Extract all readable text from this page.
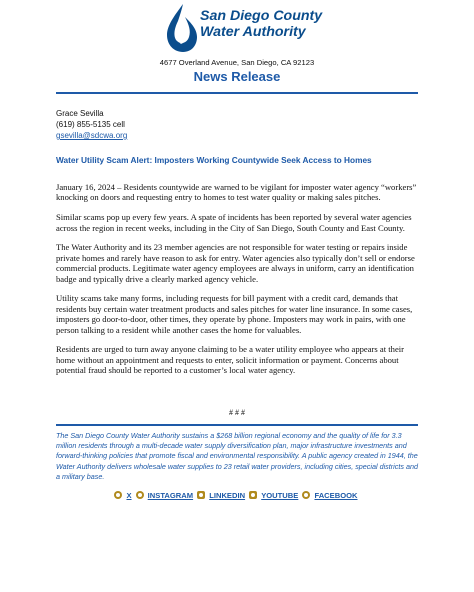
San Diego County
Water Authority
4677 Overland Avenue, San Diego, CA 92123
News Release
Grace Sevilla
(619) 855-5135 cell
gsevilla@sdcwa.org
Water Utility Scam Alert: Imposters Working Countywide Seek Access to Homes

January 16, 2024 – Residents countywide are warned to be vigilant for imposter water agency “workers” knocking on doors and requesting entry to homes to test water quality or making sales pitches.

Similar scams pop up every few years. A spate of incidents has been reported by several water agencies across the region in recent weeks, including in the City of San Diego, South County and East County.

The Water Authority and its 23 member agencies are not responsible for water testing or repairs inside private homes and rarely have reason to ask for entry. Water agencies also typically don’t sell or endorse commercial products. Legitimate water agency employees are always in uniform, carry an identification badge and typically drive a clearly marked agency vehicle.

Utility scams take many forms, including requests for bill payment with a credit card, demands that residents buy certain water treatment products and sales pitches for water line insurance. In some cases, imposters go door-to-door, other times, they operate by phone. Imposters may work in pairs, with one person talking to a resident while another cases the home for valuables.

Residents are urged to turn away anyone claiming to be a water utility employee who appears at their home without an appointment and requests to enter, solicit information or payment. Concerns about potential fraud should be reported to a customer’s local water agency.

# # #
The San Diego County Water Authority sustains a $268 billion regional economy and the quality of life for 3.3 million residents through a multi-decade water supply diversification plan, major infrastructure investments and forward-thinking policies that promote fiscal and environmental responsibility. A public agency created in 1944, the Water Authority delivers wholesale water supplies to 23 retail water providers, including cities, special districts and a military base.
X INSTAGRAM LINKEDIN YOUTUBE FACEBOOK
